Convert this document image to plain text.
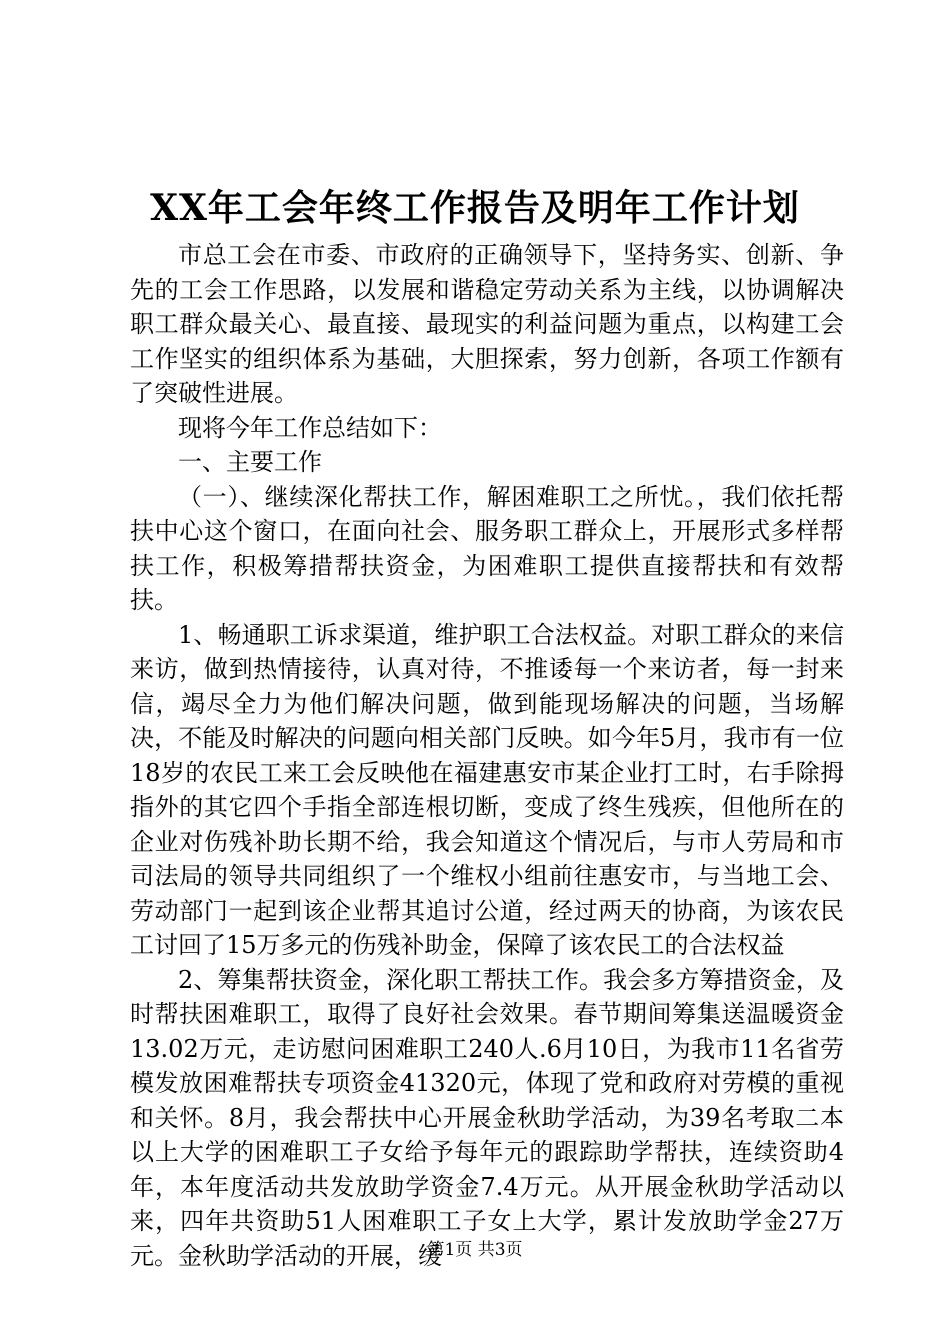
XX年工会年终工作报告及明年工作计划

市总工会在市委、市政府的正确领导下，坚持务实、创新、争先的工会工作思路，以发展和谐稳定劳动关系为主线，以协调解决职工群众最关心、最直接、最现实的利益问题为重点，以构建工会工作坚实的组织体系为基础，大胆探索，努力创新，各项工作额有了突破性进展。

现将今年工作总结如下：

一、主要工作

（一）、继续深化帮扶工作，解困难职工之所忧。，我们依托帮扶中心这个窗口，在面向社会、服务职工群众上，开展形式多样帮扶工作，积极筹措帮扶资金，为困难职工提供直接帮扶和有效帮扶。

1、畅通职工诉求渠道，维护职工合法权益。对职工群众的来信来访，做到热情接待，认真对待，不推诿每一个来访者，每一封来信，竭尽全力为他们解决问题，做到能现场解决的问题，当场解决，不能及时解决的问题向相关部门反映。如今年5月，我市有一位18岁的农民工来工会反映他在福建惠安市某企业打工时，右手除拇指外的其它四个手指全部连根切断，变成了终生残疾，但他所在的企业对伤残补助长期不给，我会知道这个情况后，与市人劳局和市司法局的领导共同组织了一个维权小组前往惠安市，与当地工会、劳动部门一起到该企业帮其追讨公道，经过两天的协商，为该农民工讨回了15万多元的伤残补助金，保障了该农民工的合法权益

2、筹集帮扶资金，深化职工帮扶工作。我会多方筹措资金，及时帮扶困难职工，取得了良好社会效果。春节期间筹集送温暖资金13.02万元，走访慰问困难职工240人.6月10日，为我市11名省劳模发放困难帮扶专项资金41320元，体现了党和政府对劳模的重视和关怀。8月，我会帮扶中心开展金秋助学活动，为39名考取二本以上大学的困难职工子女给予每年元的跟踪助学帮扶，连续资助4年，本年度活动共发放助学资金7.4万元。从开展金秋助学活动以来，四年共资助51人困难职工子女上大学，累计发放助学金27万元。金秋助学活动的开展，缓

第1页 共3页
